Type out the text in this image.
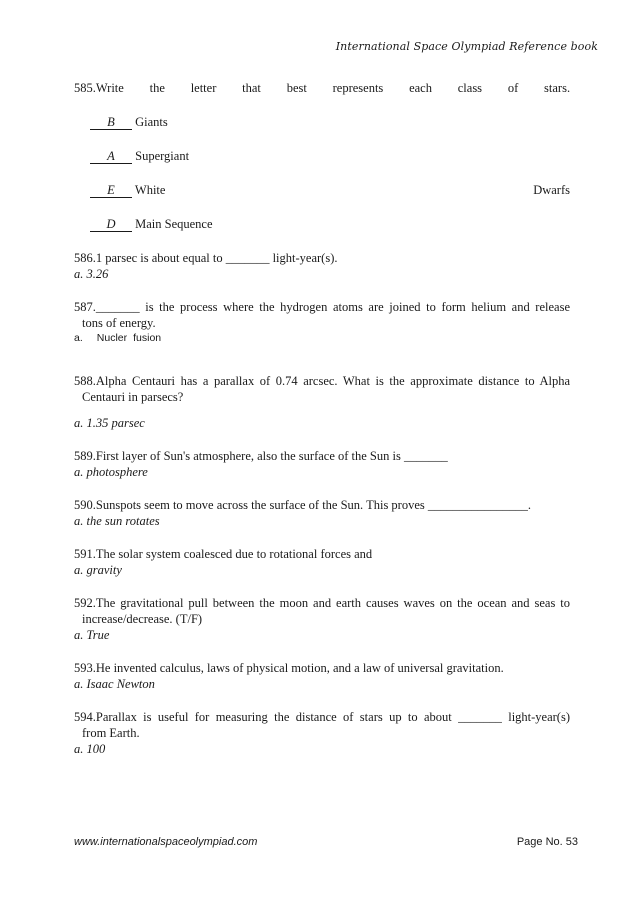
International Space Olympiad Reference book

585.Write the letter that best represents each class of stars.

B Giants

A Supergiant

E White	Dwarfs

D Main Sequence

586.1 parsec is about equal to _______ light-year(s).

a. 3.26

587._______ is the process where the hydrogen atoms are joined to form helium and release

tons of energy.

a. Nucler fusion

588.Alpha Centauri has a parallax of 0.74 arcsec. What is the approximate distance to Alpha

Centauri in parsecs?

a. 1.35 parsec

589.First layer of Sun's atmosphere, also the surface of the Sun is _______

a. photosphere

590.Sunspots seem to move across the surface of the Sun. This proves ________________.

a. the sun rotates

591.The solar system coalesced due to rotational forces and

a. gravity

592.The gravitational pull between the moon and earth causes waves on the ocean and seas to

increase/decrease. (T/F)

a. True

593.He invented calculus, laws of physical motion, and a law of universal gravitation.

a. Isaac Newton

594.Parallax is useful for measuring the distance of stars up to about _______ light-year(s)

from Earth.

a. 100

www.internationalspaceolympiad.com	Page No. 53
